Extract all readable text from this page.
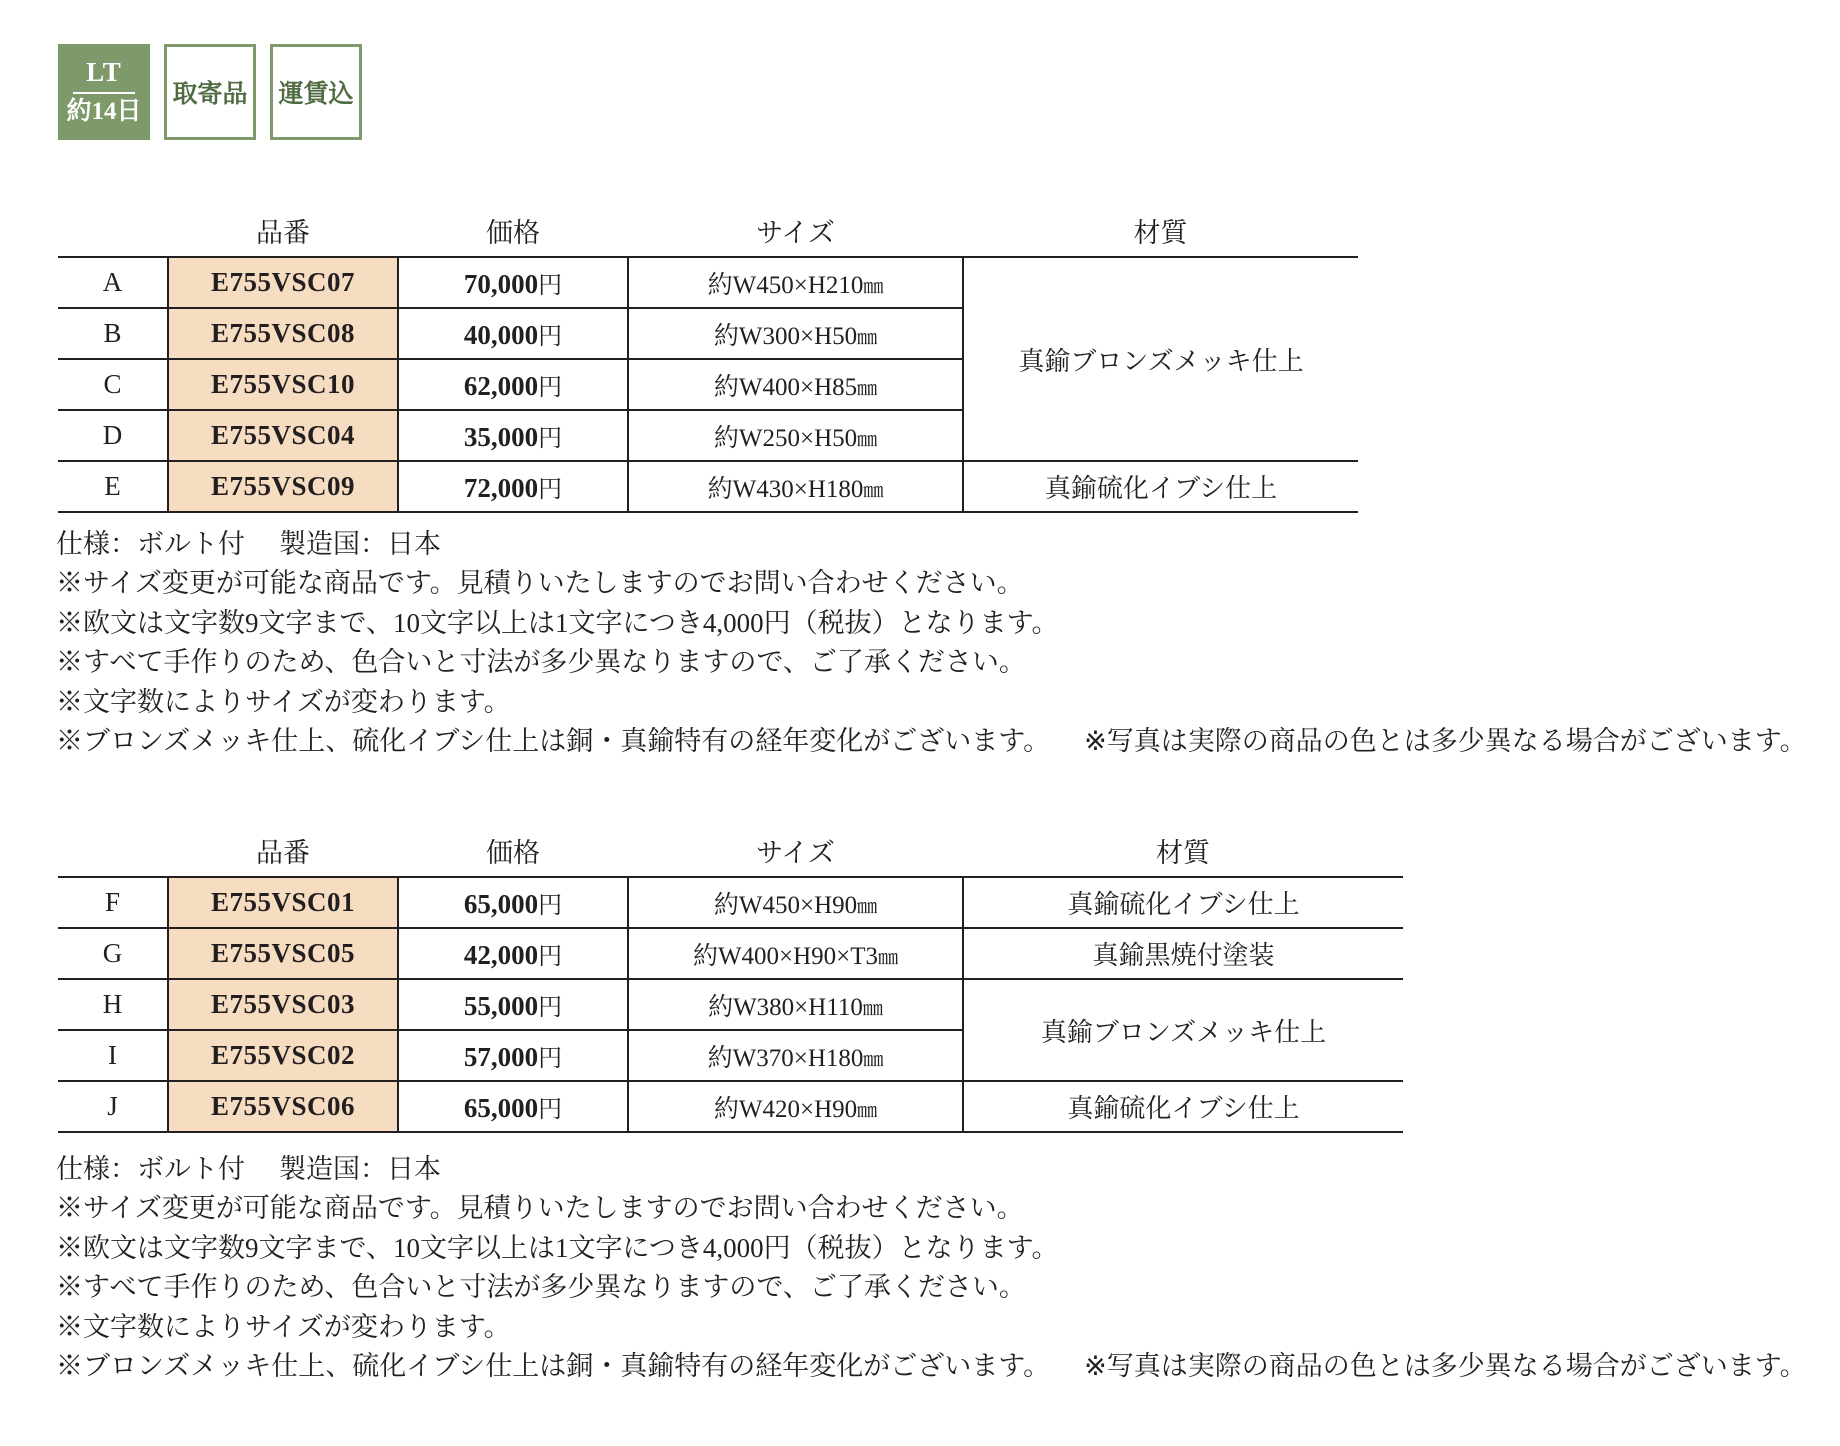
LT
約14日
取寄品	運賃込
	品番	価格	サイズ	材質
A	E755VSC07	70,000円	約W450×H210㎜	真鍮ブロンズメッキ仕上
B	E755VSC08	40,000円	約W300×H50㎜	
C	E755VSC10	62,000円	約W400×H85㎜	
D	E755VSC04	35,000円	約W250×H50㎜	
E	E755VSC09	72,000円	約W430×H180㎜	真鍮硫化イブシ仕上
仕様：ボルト付 製造国：日本
※サイズ変更が可能な商品です。見積りいたしますのでお問い合わせください。
※欧文は文字数9文字まで、10文字以上は1文字につき4,000円（税抜）となります。
※すべて手作りのため、色合いと寸法が多少異なりますので、ご了承ください。
※文字数によりサイズが変わります。
※ブロンズメッキ仕上、硫化イブシ仕上は銅・真鍮特有の経年変化がございます。 ※写真は実際の商品の色とは多少異なる場合がございます。
	品番	価格	サイズ	材質
F	E755VSC01	65,000円	約W450×H90㎜	真鍮硫化イブシ仕上
G	E755VSC05	42,000円	約W400×H90×T3㎜	真鍮黒焼付塗装
H	E755VSC03	55,000円	約W380×H110㎜	真鍮ブロンズメッキ仕上
I	E755VSC02	57,000円	約W370×H180㎜	
J	E755VSC06	65,000円	約W420×H90㎜	真鍮硫化イブシ仕上
仕様：ボルト付 製造国：日本
※サイズ変更が可能な商品です。見積りいたしますのでお問い合わせください。
※欧文は文字数9文字まで、10文字以上は1文字につき4,000円（税抜）となります。
※すべて手作りのため、色合いと寸法が多少異なりますので、ご了承ください。
※文字数によりサイズが変わります。
※ブロンズメッキ仕上、硫化イブシ仕上は銅・真鍮特有の経年変化がございます。 ※写真は実際の商品の色とは多少異なる場合がございます。
